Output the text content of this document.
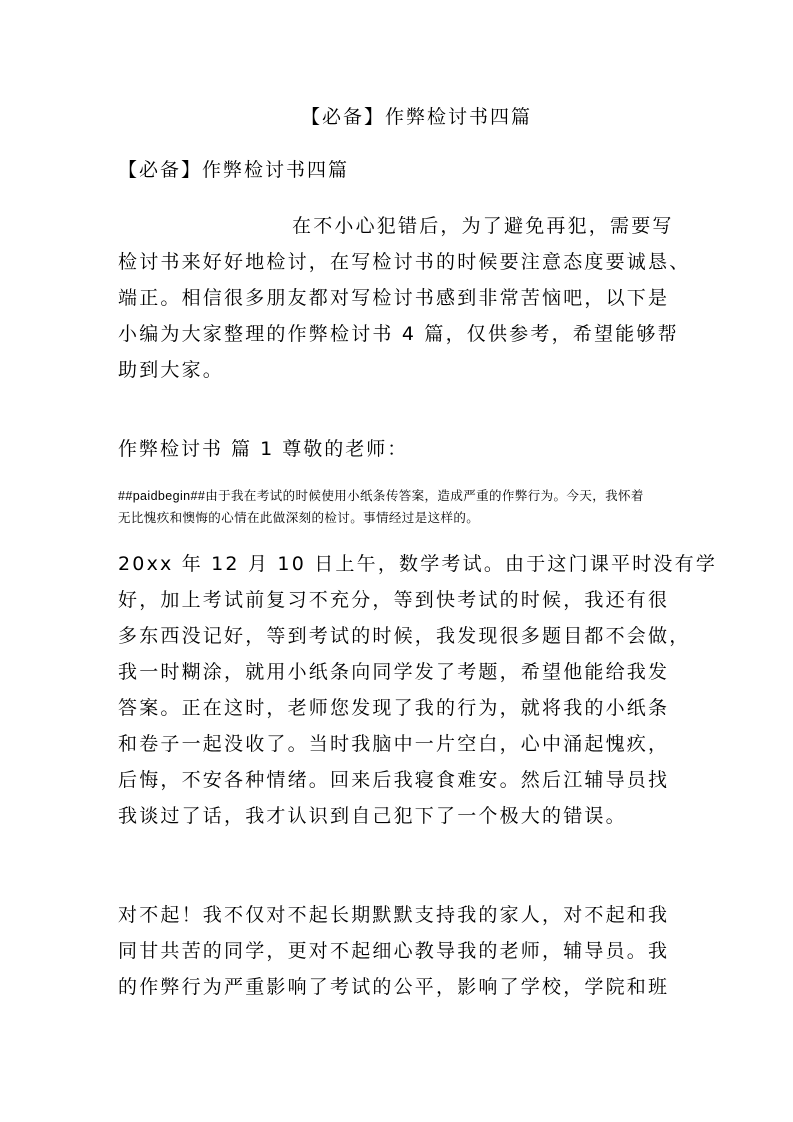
【必备】作弊检讨书四篇
【必备】作弊检讨书四篇
在不小心犯错后，为了避免再犯，需要写
检讨书来好好地检讨，在写检讨书的时候要注意态度要诚恳、
端正。相信很多朋友都对写检讨书感到非常苦恼吧，以下是
小编为大家整理的作弊检讨书 4 篇，仅供参考，希望能够帮
助到大家。
作弊检讨书 篇 1 尊敬的老师：
##paidbegin##由于我在考试的时候使用小纸条传答案，造成严重的作弊行为。今天，我怀着
无比愧疚和懊悔的心情在此做深刻的检讨。事情经过是这样的。
20xx 年 12 月 10 日上午，数学考试。由于这门课平时没有学
好，加上考试前复习不充分，等到快考试的时候，我还有很
多东西没记好，等到考试的时候，我发现很多题目都不会做，
我一时糊涂，就用小纸条向同学发了考题，希望他能给我发
答案。正在这时，老师您发现了我的行为，就将我的小纸条
和卷子一起没收了。当时我脑中一片空白，心中涌起愧疚，
后悔，不安各种情绪。回来后我寝食难安。然后江辅导员找
我谈过了话，我才认识到自己犯下了一个极大的错误。
对不起！我不仅对不起长期默默支持我的家人，对不起和我
同甘共苦的同学，更对不起细心教导我的老师，辅导员。我
的作弊行为严重影响了考试的公平，影响了学校，学院和班
